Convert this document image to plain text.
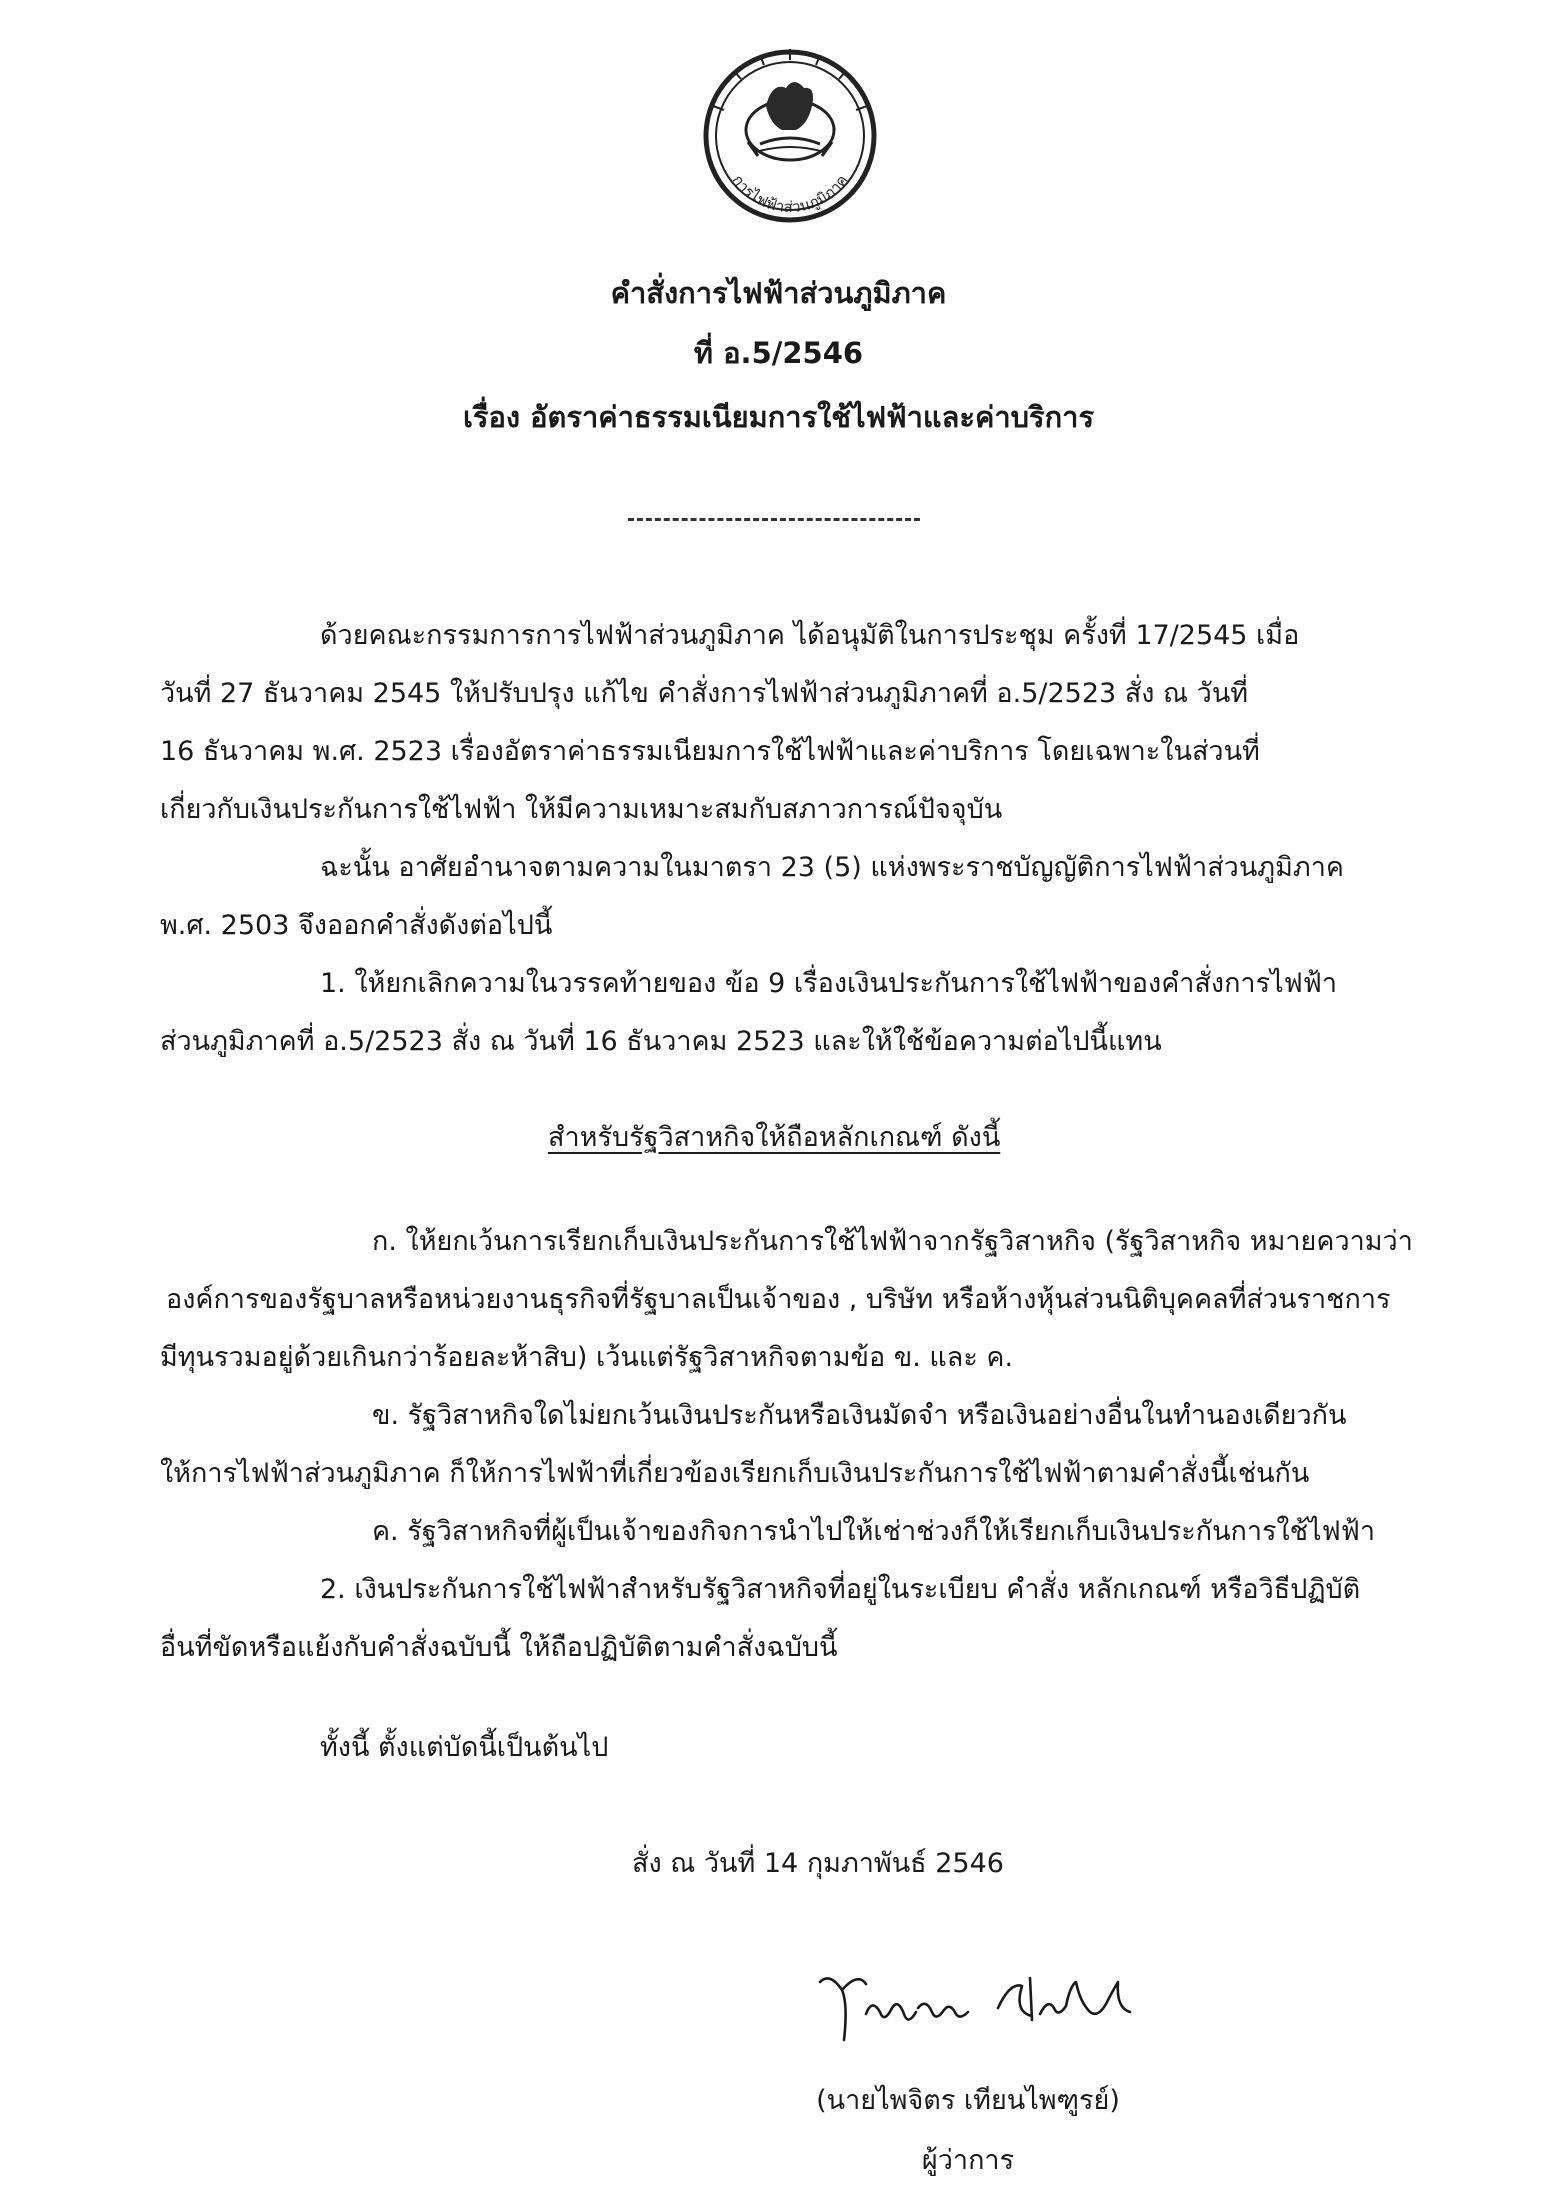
การไฟฟ้าส่วนภูมิภาค
คำสั่งการไฟฟ้าส่วนภูมิภาค
ที่ อ.5/2546
เรื่อง อัตราค่าธรรมเนียมการใช้ไฟฟ้าและค่าบริการ
ด้วยคณะกรรมการการไฟฟ้าส่วนภูมิภาค ได้อนุมัติในการประชุม ครั้งที่ 17/2545 เมื่อ
วันที่ 27 ธันวาคม 2545 ให้ปรับปรุง แก้ไข คำสั่งการไฟฟ้าส่วนภูมิภาคที่ อ.5/2523 สั่ง ณ วันที่
16 ธันวาคม พ.ศ. 2523 เรื่องอัตราค่าธรรมเนียมการใช้ไฟฟ้าและค่าบริการ โดยเฉพาะในส่วนที่
เกี่ยวกับเงินประกันการใช้ไฟฟ้า ให้มีความเหมาะสมกับสภาวการณ์ปัจจุบัน
ฉะนั้น อาศัยอำนาจตามความในมาตรา 23 (5) แห่งพระราชบัญญัติการไฟฟ้าส่วนภูมิภาค
พ.ศ. 2503 จึงออกคำสั่งดังต่อไปนี้
1. ให้ยกเลิกความในวรรคท้ายของ ข้อ 9 เรื่องเงินประกันการใช้ไฟฟ้าของคำสั่งการไฟฟ้า
ส่วนภูมิภาคที่ อ.5/2523 สั่ง ณ วันที่ 16 ธันวาคม 2523 และให้ใช้ข้อความต่อไปนี้แทน
สำหรับรัฐวิสาหกิจให้ถือหลักเกณฑ์ ดังนี้
ก. ให้ยกเว้นการเรียกเก็บเงินประกันการใช้ไฟฟ้าจากรัฐวิสาหกิจ (รัฐวิสาหกิจ หมายความว่า
องค์การของรัฐบาลหรือหน่วยงานธุรกิจที่รัฐบาลเป็นเจ้าของ , บริษัท หรือห้างหุ้นส่วนนิติบุคคลที่ส่วนราชการ
มีทุนรวมอยู่ด้วยเกินกว่าร้อยละห้าสิบ) เว้นแต่รัฐวิสาหกิจตามข้อ ข. และ ค.
ข. รัฐวิสาหกิจใดไม่ยกเว้นเงินประกันหรือเงินมัดจำ หรือเงินอย่างอื่นในทำนองเดียวกัน
ให้การไฟฟ้าส่วนภูมิภาค ก็ให้การไฟฟ้าที่เกี่ยวข้องเรียกเก็บเงินประกันการใช้ไฟฟ้าตามคำสั่งนี้เช่นกัน
ค. รัฐวิสาหกิจที่ผู้เป็นเจ้าของกิจการนำไปให้เช่าช่วงก็ให้เรียกเก็บเงินประกันการใช้ไฟฟ้า
2. เงินประกันการใช้ไฟฟ้าสำหรับรัฐวิสาหกิจที่อยู่ในระเบียบ คำสั่ง หลักเกณฑ์ หรือวิธีปฏิบัติ
อื่นที่ขัดหรือแย้งกับคำสั่งฉบับนี้ ให้ถือปฏิบัติตามคำสั่งฉบับนี้
ทั้งนี้ ตั้งแต่บัดนี้เป็นต้นไป
สั่ง ณ วันที่ 14 กุมภาพันธ์ 2546
(นายไพจิตร เทียนไพฑูรย์)
ผู้ว่าการ
